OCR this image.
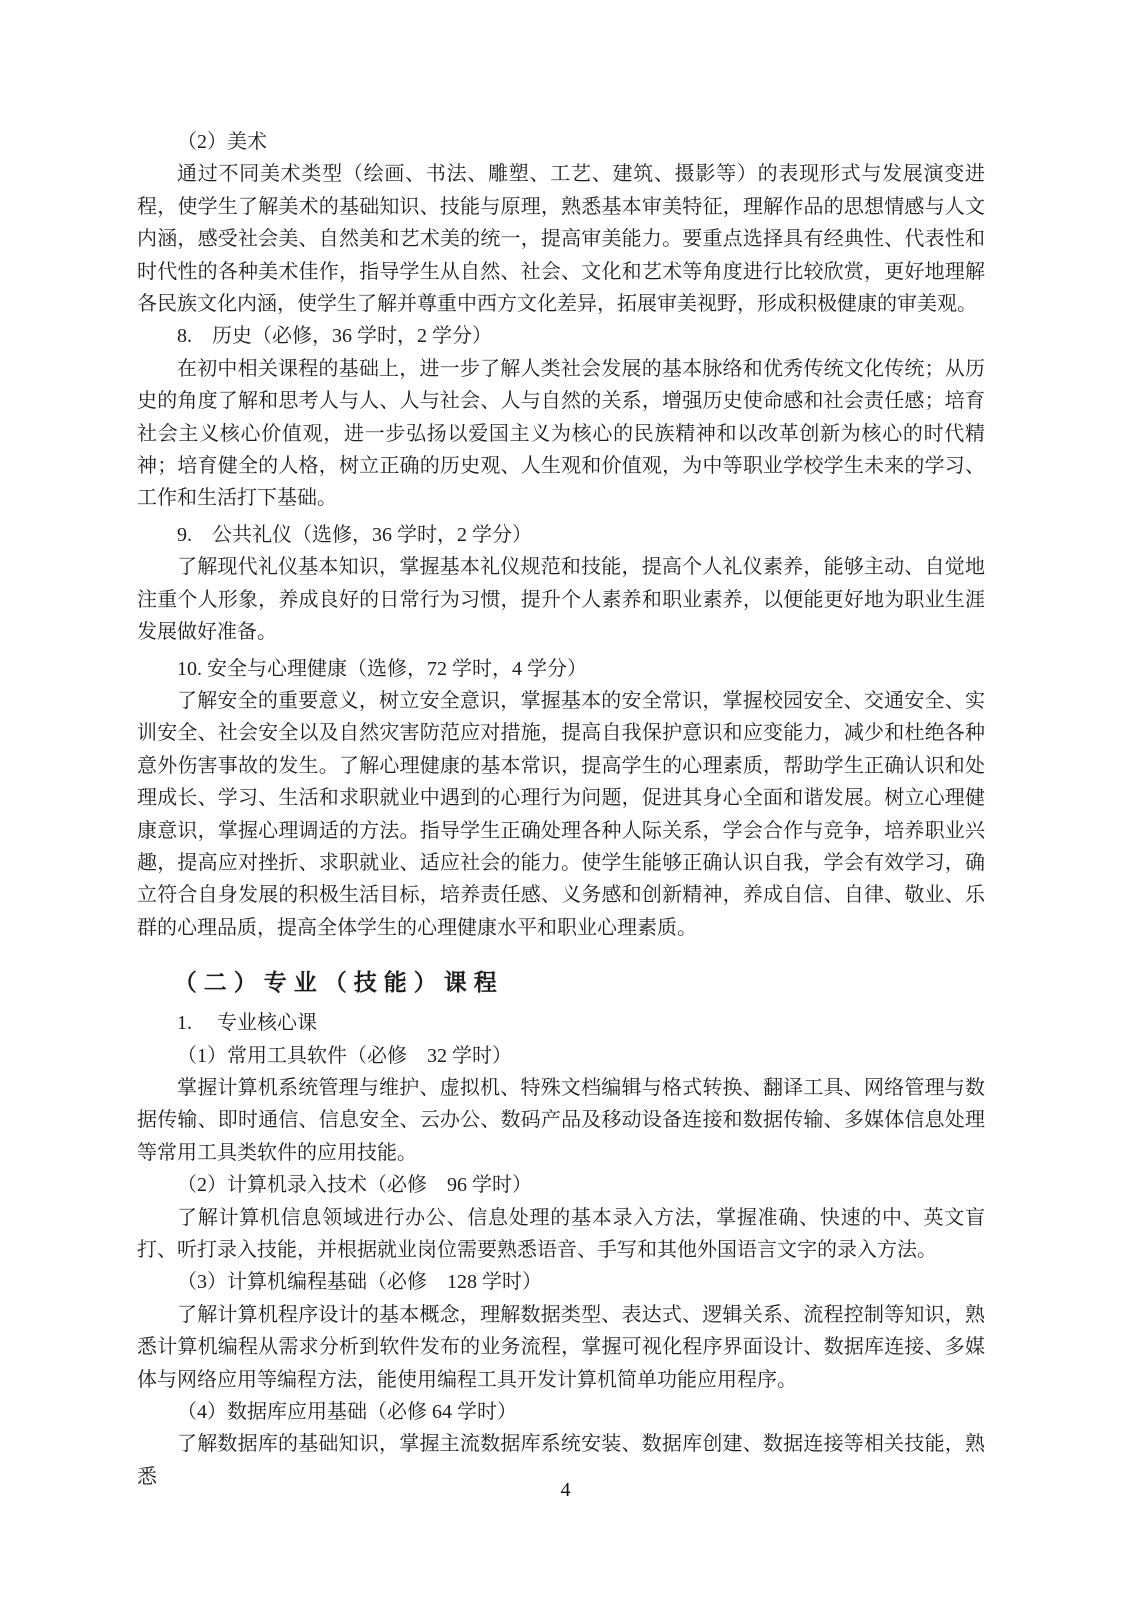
（2）美术

通过不同美术类型（绘画、书法、雕塑、工艺、建筑、摄影等）的表现形式与发展演变进程，使学生了解美术的基础知识、技能与原理，熟悉基本审美特征，理解作品的思想情感与人文内涵，感受社会美、自然美和艺术美的统一，提高审美能力。要重点选择具有经典性、代表性和时代性的各种美术佳作，指导学生从自然、社会、文化和艺术等角度进行比较欣赏，更好地理解各民族文化内涵，使学生了解并尊重中西方文化差异，拓展审美视野，形成积极健康的审美观。

8.　历史（必修，36 学时，2 学分）

在初中相关课程的基础上，进一步了解人类社会发展的基本脉络和优秀传统文化传统；从历史的角度了解和思考人与人、人与社会、人与自然的关系，增强历史使命感和社会责任感；培育社会主义核心价值观，进一步弘扬以爱国主义为核心的民族精神和以改革创新为核心的时代精神；培育健全的人格，树立正确的历史观、人生观和价值观，为中等职业学校学生未来的学习、工作和生活打下基础。

9.　公共礼仪（选修，36 学时，2 学分）

了解现代礼仪基本知识，掌握基本礼仪规范和技能，提高个人礼仪素养，能够主动、自觉地注重个人形象，养成良好的日常行为习惯，提升个人素养和职业素养，以便能更好地为职业生涯发展做好准备。

10. 安全与心理健康（选修，72 学时，4 学分）

了解安全的重要意义，树立安全意识，掌握基本的安全常识，掌握校园安全、交通安全、实训安全、社会安全以及自然灾害防范应对措施，提高自我保护意识和应变能力，减少和杜绝各种意外伤害事故的发生。了解心理健康的基本常识，提高学生的心理素质，帮助学生正确认识和处理成长、学习、生活和求职就业中遇到的心理行为问题，促进其身心全面和谐发展。树立心理健康意识，掌握心理调适的方法。指导学生正确处理各种人际关系，学会合作与竞争，培养职业兴趣，提高应对挫折、求职就业、适应社会的能力。使学生能够正确认识自我，学会有效学习，确立符合自身发展的积极生活目标，培养责任感、义务感和创新精神，养成自信、自律、敬业、乐群的心理品质，提高全体学生的心理健康水平和职业心理素质。

（二）专业（技能）课程

1.　 专业核心课

（1）常用工具软件（必修　32 学时）

掌握计算机系统管理与维护、虚拟机、特殊文档编辑与格式转换、翻译工具、网络管理与数据传输、即时通信、信息安全、云办公、数码产品及移动设备连接和数据传输、多媒体信息处理等常用工具类软件的应用技能。

（2）计算机录入技术（必修　96 学时）

了解计算机信息领域进行办公、信息处理的基本录入方法，掌握准确、快速的中、英文盲打、听打录入技能，并根据就业岗位需要熟悉语音、手写和其他外国语言文字的录入方法。

（3）计算机编程基础（必修　128 学时）

了解计算机程序设计的基本概念，理解数据类型、表达式、逻辑关系、流程控制等知识，熟悉计算机编程从需求分析到软件发布的业务流程，掌握可视化程序界面设计、数据库连接、多媒体与网络应用等编程方法，能使用编程工具开发计算机简单功能应用程序。

（4）数据库应用基础（必修 64 学时）

了解数据库的基础知识，掌握主流数据库系统安装、数据库创建、数据连接等相关技能，熟悉

4
